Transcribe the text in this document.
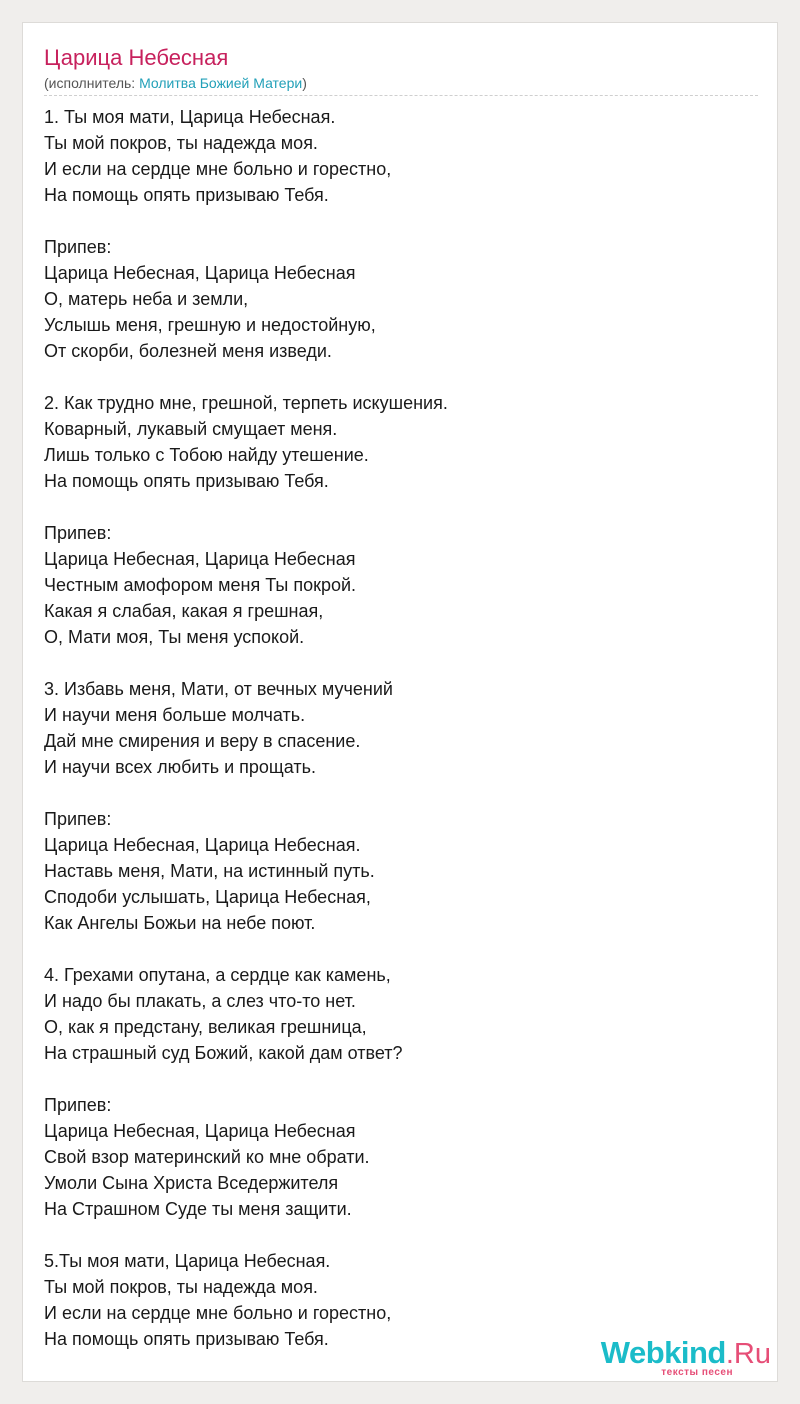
Царица Небесная
(исполнитель: Молитва Божией Матери)
1. Ты моя мати, Царица Небесная.
Ты мой покров, ты надежда моя.
И если на сердце мне больно и горестно,
На помощь опять призываю Тебя.
Припев:
Царица Небесная, Царица Небесная
О, матерь неба и земли,
Услышь меня, грешную и недостойную,
От скорби, болезней меня изведи.
2. Как трудно мне, грешной, терпеть искушения.
Коварный, лукавый смущает меня.
Лишь только с Тобою найду утешение.
На помощь опять призываю Тебя.
Припев:
Царица Небесная, Царица Небесная
Честным амофором меня Ты покрой.
Какая я слабая, какая я грешная,
О, Мати моя, Ты меня успокой.
3. Избавь меня, Мати, от вечных мучений
И научи меня больше молчать.
Дай мне смирения и веру в спасение.
И научи всех любить и прощать.
Припев:
Царица Небесная, Царица Небесная.
Наставь меня, Мати, на истинный путь.
Сподоби услышать, Царица Небесная,
Как Ангелы Божьи на небе поют.
4. Грехами опутана, а сердце как камень,
И надо бы плакать, а слез что-то нет.
О, как я предстану, великая грешница,
На страшный суд Божий, какой дам ответ?
Припев:
Царица Небесная, Царица Небесная
Свой взор материнский ко мне обрати.
Умоли Сына Христа Вседержителя
На Страшном Суде ты меня защити.
5.Ты моя мати, Царица Небесная.
Ты мой покров, ты надежда моя.
И если на сердце мне больно и горестно,
На помощь опять призываю Тебя.	Webkind.Ru
тексты песен
